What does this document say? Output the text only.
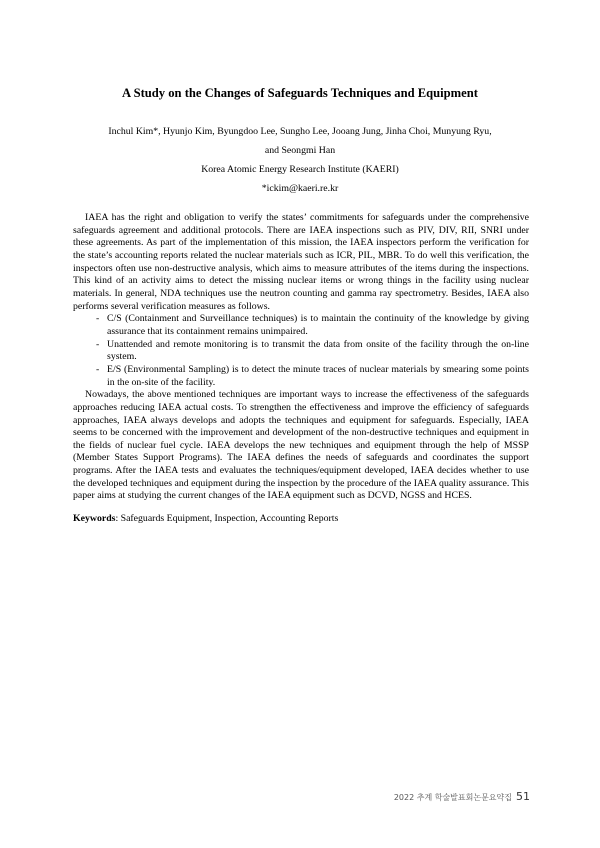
A Study on the Changes of Safeguards Techniques and Equipment
Inchul Kim*, Hyunjo Kim, Byungdoo Lee, Sungho Lee, Jooang Jung, Jinha Choi, Munyung Ryu,
and Seongmi Han
Korea Atomic Energy Research Institute (KAERI)
*ickim@kaeri.re.kr

IAEA has the right and obligation to verify the states’ commitments for safeguards under the comprehensive safeguards agreement and additional protocols. There are IAEA inspections such as PIV, DIV, RII, SNRI under these agreements. As part of the implementation of this mission, the IAEA inspectors perform the verification for the state’s accounting reports related the nuclear materials such as ICR, PIL, MBR. To do well this verification, the inspectors often use non-destructive analysis, which aims to measure attributes of the items during the inspections. This kind of an activity aims to detect the missing nuclear items or wrong things in the facility using nuclear materials. In general, NDA techniques use the neutron counting and gamma ray spectrometry. Besides, IAEA also performs several verification measures as follows.

- C/S (Containment and Surveillance techniques) is to maintain the continuity of the knowledge by giving assurance that its containment remains unimpaired.
- Unattended and remote monitoring is to transmit the data from onsite of the facility through the on-line system.
- E/S (Environmental Sampling) is to detect the minute traces of nuclear materials by smearing some points in the on-site of the facility.

Nowadays, the above mentioned techniques are important ways to increase the effectiveness of the safeguards approaches reducing IAEA actual costs. To strengthen the effectiveness and improve the efficiency of safeguards approaches, IAEA always develops and adopts the techniques and equipment for safeguards. Especially, IAEA seems to be concerned with the improvement and development of the non-destructive techniques and equipment in the fields of nuclear fuel cycle. IAEA develops the new techniques and equipment through the help of MSSP (Member States Support Programs). The IAEA defines the needs of safeguards and coordinates the support programs. After the IAEA tests and evaluates the techniques/equipment developed, IAEA decides whether to use the developed techniques and equipment during the inspection by the procedure of the IAEA quality assurance. This paper aims at studying the current changes of the IAEA equipment such as DCVD, NGSS and HCES.

Keywords: Safeguards Equipment, Inspection, Accounting Reports
2022 추계 학술발표회논문요약집 51
